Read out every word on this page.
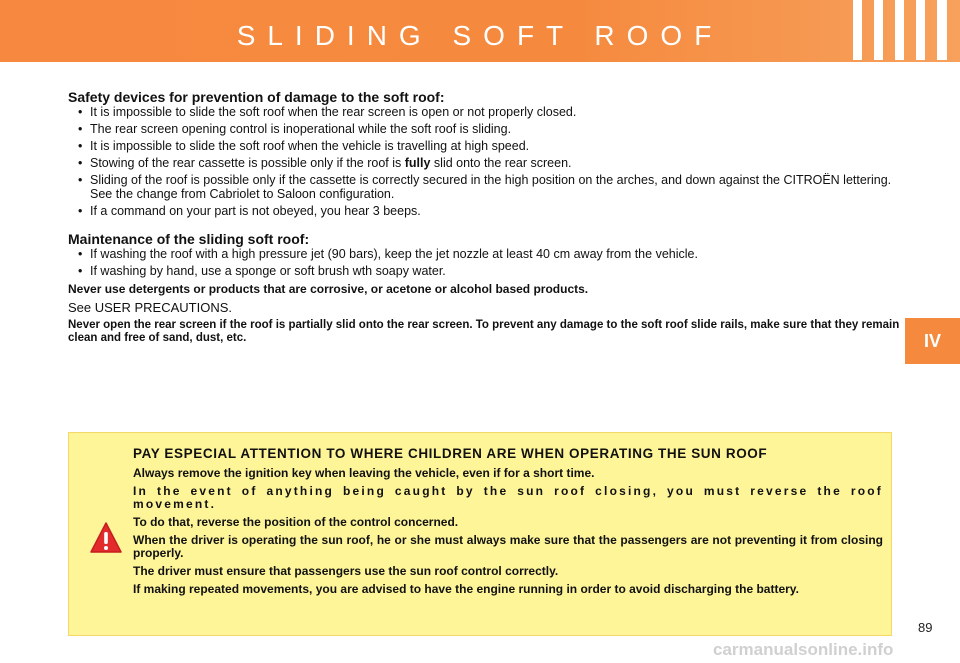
SLIDING SOFT ROOF
IV

Safety devices for prevention of damage to the soft roof:

• It is impossible to slide the soft roof when the rear screen is open or not properly closed.
• The rear screen opening control is inoperational while the soft roof is sliding.
• It is impossible to slide the soft roof when the vehicle is travelling at high speed.
• Stowing of the rear cassette is possible only if the roof is fully slid onto the rear screen.
• Sliding of the roof is possible only if the cassette is correctly secured in the high position on the arches, and down against the CITROËN lettering. See the change from Cabriolet to Saloon configuration.
• If a command on your part is not obeyed, you hear 3 beeps.

Maintenance of the sliding soft roof:

• If washing the roof with a high pressure jet (90 bars), keep the jet nozzle at least 40 cm away from the vehicle.
• If washing by hand, use a sponge or soft brush wth soapy water.

Never use detergents or products that are corrosive, or acetone or alcohol based products.

See USER PRECAUTIONS.

Never open the rear screen if the roof is partially slid onto the rear screen. To prevent any damage to the soft roof slide rails, make sure that they remain clean and free of sand, dust, etc.

PAY ESPECIAL ATTENTION TO WHERE CHILDREN ARE WHEN OPERATING THE SUN ROOF

Always remove the ignition key when leaving the vehicle, even if for a short time.

In the event of anything being caught by the sun roof closing, you must reverse the roof movement.

To do that, reverse the position of the control concerned.

When the driver is operating the sun roof, he or she must always make sure that the passengers are not preventing it from closing properly.

The driver must ensure that passengers use the sun roof control correctly.

If making repeated movements, you are advised to have the engine running in order to avoid discharging the battery.

89
carmanualsonline.info
